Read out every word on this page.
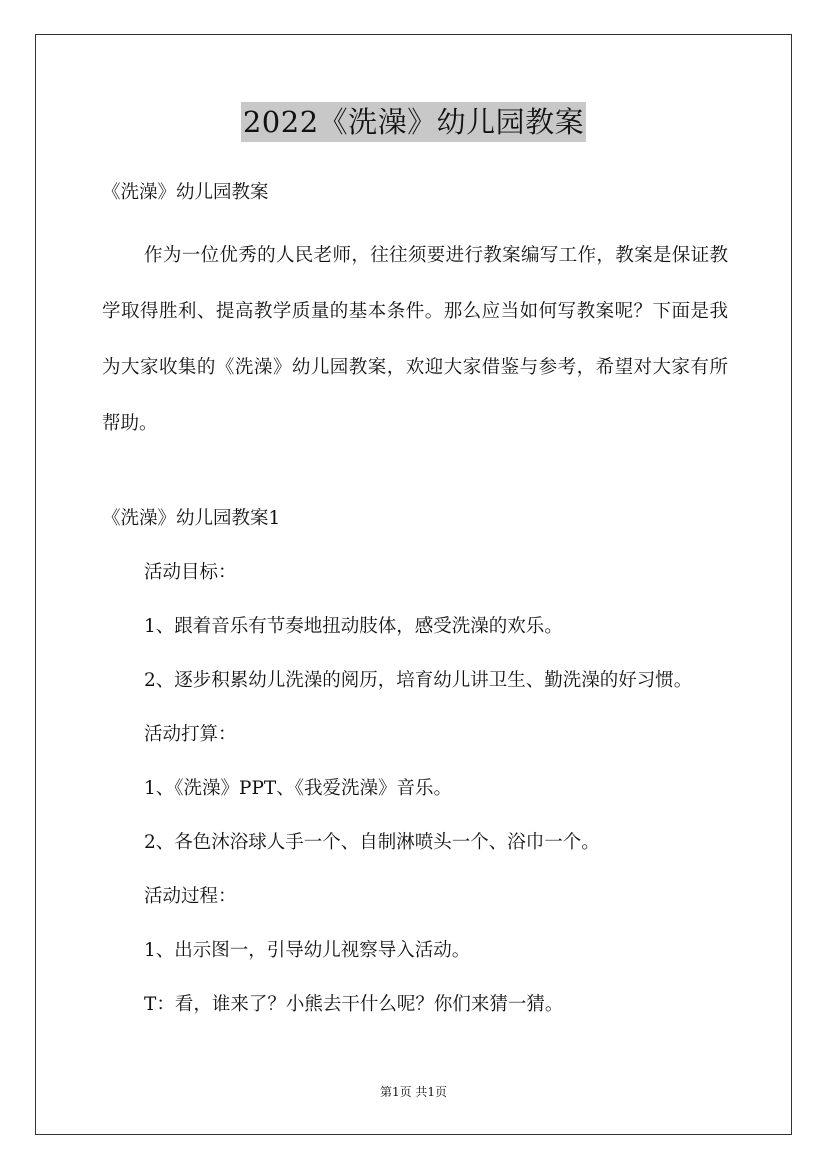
2022《洗澡》幼儿园教案
《洗澡》幼儿园教案
作为一位优秀的人民老师，往往须要进行教案编写工作，教案是保证教学取得胜利、提高教学质量的基本条件。那么应当如何写教案呢？下面是我为大家收集的《洗澡》幼儿园教案，欢迎大家借鉴与参考，希望对大家有所帮助。
《洗澡》幼儿园教案1
活动目标：
1、跟着音乐有节奏地扭动肢体，感受洗澡的欢乐。
2、逐步积累幼儿洗澡的阅历，培育幼儿讲卫生、勤洗澡的好习惯。
活动打算：
1、《洗澡》PPT、《我爱洗澡》音乐。
2、各色沐浴球人手一个、自制淋喷头一个、浴巾一个。
活动过程：
1、出示图一，引导幼儿视察导入活动。
T：看，谁来了？小熊去干什么呢？你们来猜一猜。
第1页 共1页
